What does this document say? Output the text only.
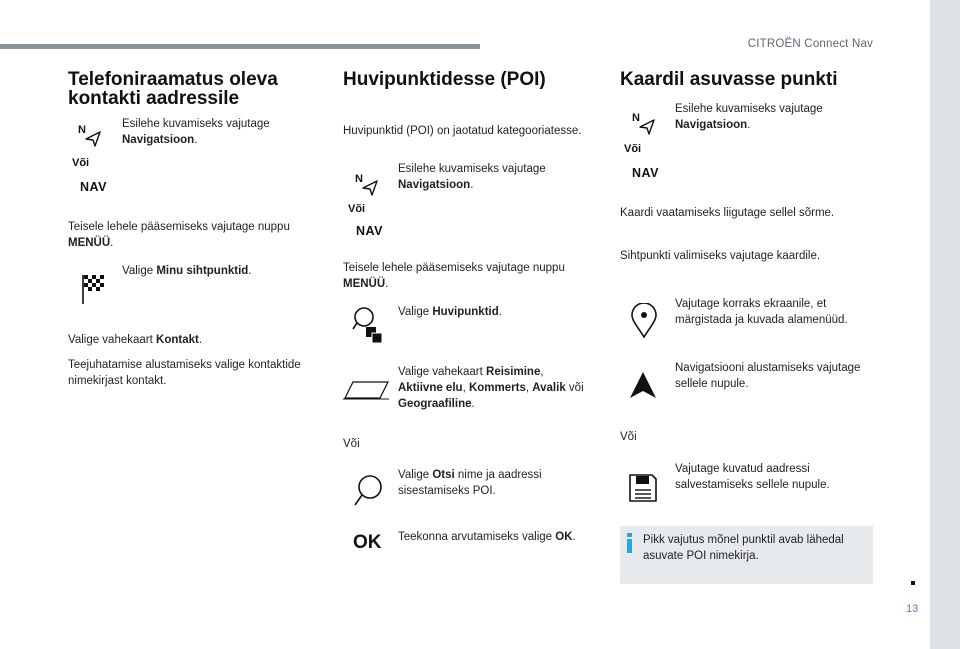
CITROËN Connect Nav
13
Telefoniraamatus oleva
kontakti aadressile
N	Esilehe kuvamiseks vajutage
Navigatsioon.
Või
NAV
Teisele lehele pääsemiseks vajutage nuppu
MENÜÜ.
Valige Minu sihtpunktid.
Valige vahekaart Kontakt.
Teejuhatamise alustamiseks valige kontaktide
nimekirjast kontakt.
Huvipunktidesse (POI)
Huvipunktid (POI) on jaotatud kategooriatesse.
N
Esilehe kuvamiseks vajutage
Navigatsioon.
Või
NAV
Teisele lehele pääsemiseks vajutage nuppu
MENÜÜ.
Valige Huvipunktid.
Valige vahekaart Reisimine,
Aktiivne elu, Kommerts, Avalik või
Geograafiline.
Või
Valige Otsi nime ja aadressi
sisestamiseks POI.
OK Teekonna arvutamiseks valige OK.
Kaardil asuvasse punkti
N
Esilehe kuvamiseks vajutage
Navigatsioon.
Või
NAV
Kaardi vaatamiseks liigutage sellel sõrme.
Sihtpunkti valimiseks vajutage kaardile.
Vajutage korraks ekraanile, et
märgistada ja kuvada alamenüüd.
Navigatsiooni alustamiseks vajutage
sellele nupule.
Või
Vajutage kuvatud aadressi
salvestamiseks sellele nupule.
Pikk vajutus mõnel punktil avab lähedal
asuvate POI nimekirja.
